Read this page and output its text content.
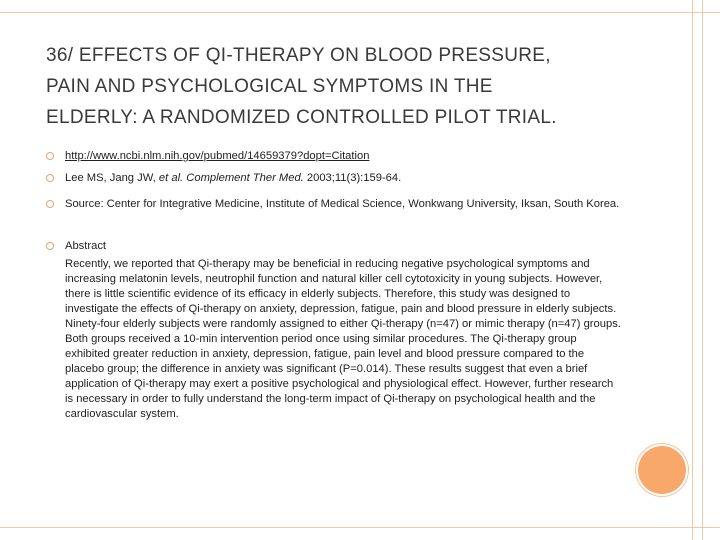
36/ EFFECTS OF QI-THERAPY ON BLOOD PRESSURE,
PAIN AND PSYCHOLOGICAL SYMPTOMS IN THE
ELDERLY: A RANDOMIZED CONTROLLED PILOT TRIAL.
http://www.ncbi.nlm.nih.gov/pubmed/14659379?dopt=Citation
Lee MS, Jang JW, et al. Complement Ther Med. 2003;11(3):159-64.
Source: Center for Integrative Medicine, Institute of Medical Science, Wonkwang University, Iksan, South Korea.
Abstract
Recently, we reported that Qi-therapy may be beneficial in reducing negative psychological symptoms and increasing melatonin levels, neutrophil function and natural killer cell cytotoxicity in young subjects. However, there is little scientific evidence of its efficacy in elderly subjects. Therefore, this study was designed to investigate the effects of Qi-therapy on anxiety, depression, fatigue, pain and blood pressure in elderly subjects. Ninety-four elderly subjects were randomly assigned to either Qi-therapy (n=47) or mimic therapy (n=47) groups. Both groups received a 10-min intervention period once using similar procedures. The Qi-therapy group exhibited greater reduction in anxiety, depression, fatigue, pain level and blood pressure compared to the placebo group; the difference in anxiety was significant (P=0.014). These results suggest that even a brief application of Qi-therapy may exert a positive psychological and physiological effect. However, further research is necessary in order to fully understand the long-term impact of Qi-therapy on psychological health and the cardiovascular system.
